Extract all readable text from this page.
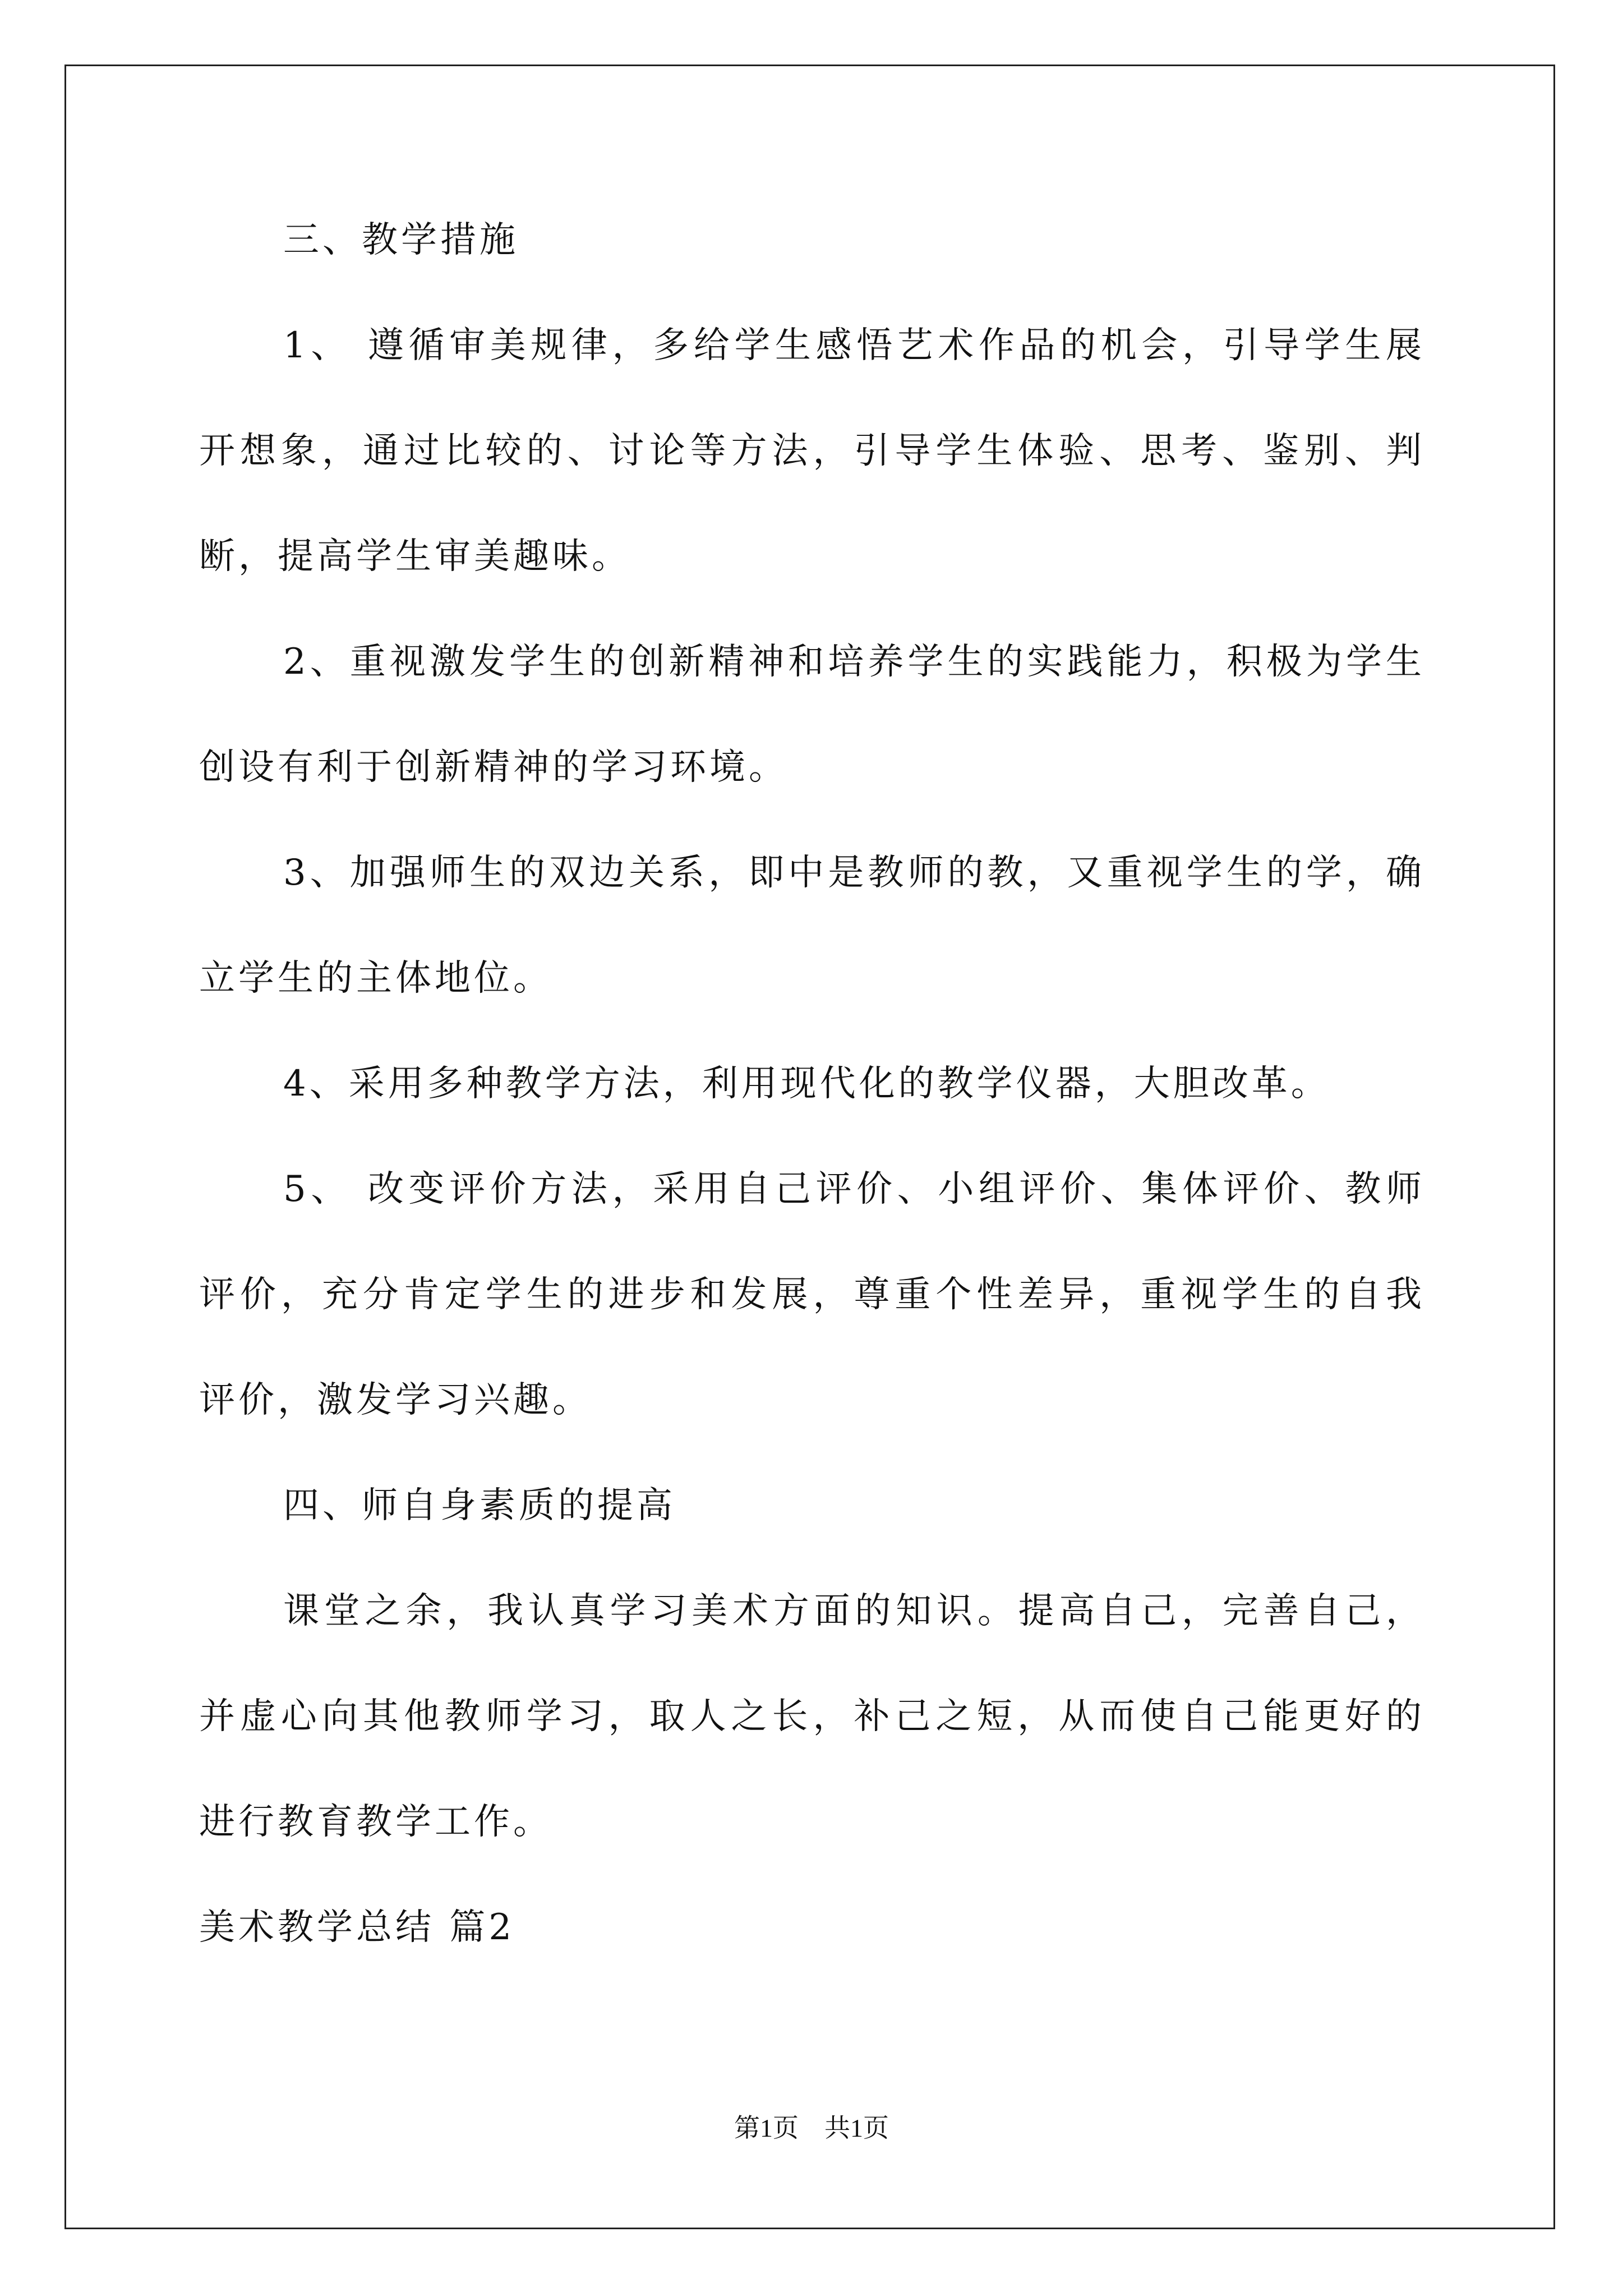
三、教学措施
1、 遵循审美规律，多给学生感悟艺术作品的机会，引导学生展
开想象，通过比较的、讨论等方法，引导学生体验、思考、鉴别、判
断，提高学生审美趣味。
2、重视激发学生的创新精神和培养学生的实践能力，积极为学生
创设有利于创新精神的学习环境。
3、加强师生的双边关系，即中是教师的教，又重视学生的学，确
立学生的主体地位。
4、采用多种教学方法，利用现代化的教学仪器，大胆改革。
5、 改变评价方法，采用自己评价、小组评价、集体评价、教师
评价，充分肯定学生的进步和发展，尊重个性差异，重视学生的自我
评价，激发学习兴趣。
四、师自身素质的提高
课堂之余，我认真学习美术方面的知识。提高自己，完善自己，
并虚心向其他教师学习，取人之长，补己之短，从而使自己能更好的
进行教育教学工作。
美术教学总结 篇2
第1页　共1页
